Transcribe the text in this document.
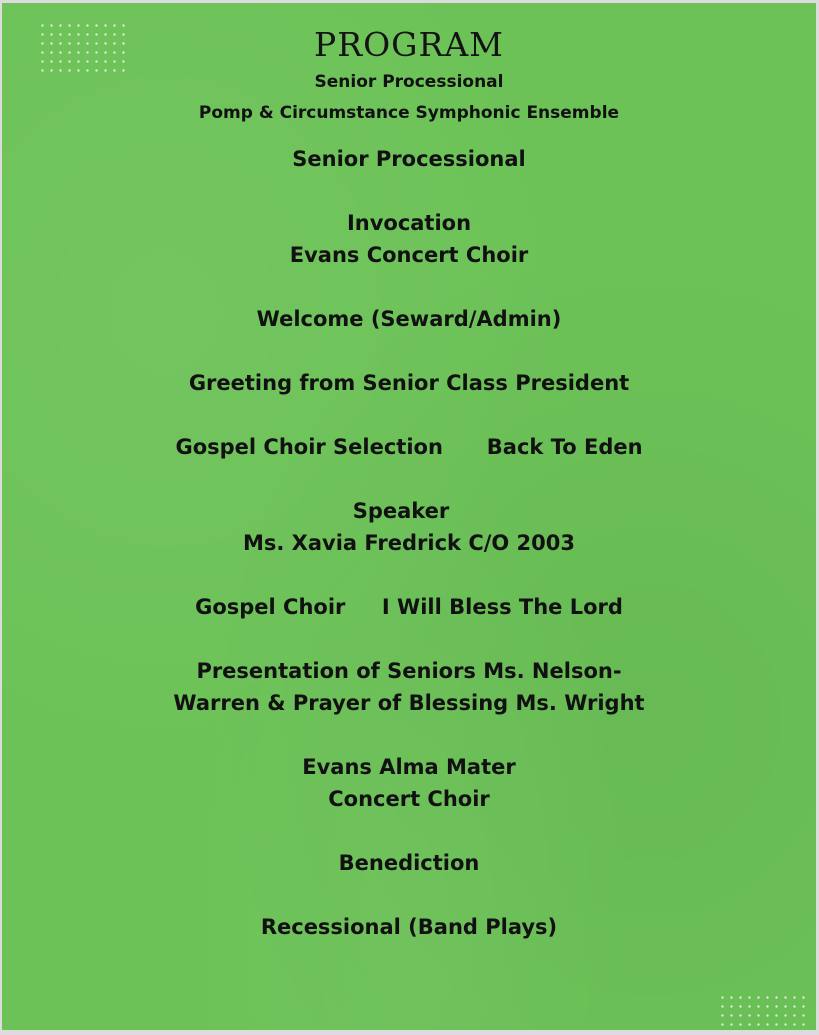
PROGRAM
Senior Processional
Pomp & Circumstance Symphonic Ensemble
Senior Processional
Invocation
Evans Concert Choir
Welcome (Seward/Admin)
Greeting from Senior Class President
Gospel Choir Selection      Back To Eden
Speaker
Ms. Xavia Fredrick C/O 2003
Gospel Choir     I Will Bless The Lord
Presentation of Seniors Ms. Nelson-
Warren & Prayer of Blessing Ms. Wright
Evans Alma Mater
Concert Choir
Benediction
Recessional (Band Plays)
